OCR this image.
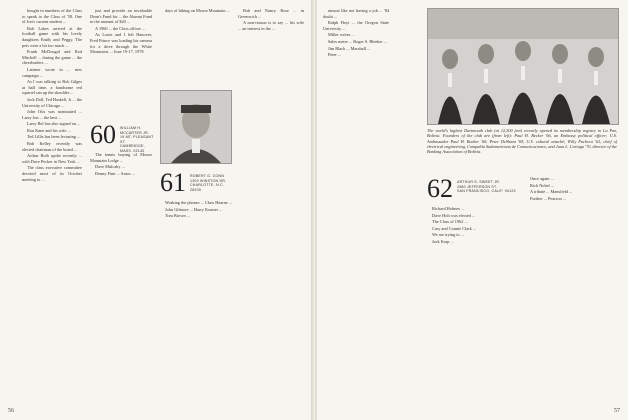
bought in numbers of the Class to speak to the Class of '58. One of Jon's current student ...

Bob Lakes arrived at the football game with his lovely daughters Emily and Peggy. The pets were a bit too much ...

Frank McDougal and Rod Mitchell ... during the game ... the cheerleaders ...

Latimer wrote in ... new campaign ...

As I was talking to Bob Gilges at half time, a handsome red squirrel ran up the shoulder ...

Jack Doll, Ted Haskell, Jr ... the University of Chicago ...

John Otis was nominated ... Larry Jon ... the best ...

Larry Bel has also signed on ...

Ron Kane and his wife ...

Ted Lillis has been lecturing ...

Bob Kelley recently was elected chairman of the board ...

Arthur Roth spoke recently ... with Dave Pecker in New York ...

The class executive committee devoted most of its October meeting to ...

just and provide an invaluable Dean's Fund for ... the Alumni Fund in the amount of $20 ...

A 1960 ... the Class officer ...

As Louie and I left Hanover, Fred Prince was loading his camera for a drive through the White Mountains ... June 19-17, 1978.

60	WILLIAM H. MCCARTER JR.
19 MT. PLEASANT ST.
CAMBRIDGE, MASS. 02140

The tennis buying of Mouse Mountain Lodge ...

Dave Mulcahy ...

Denny Finn ... Amos ... 61	ROBERT G. CONN
1309 WINSTON DR.
CHARLOTTE, N.C. 28209

days of hiking on Moose Mountain ...

Working the phones ... Chris Hearne ...

John Gilmore ... Harry Kramer ...

Tom Brown ...

Bob and Nancy Rose ... in Greenwich ...

A non-reason is to say ... his wife ... an interest in the ...

56

utmost like not having a job ... '84 doubt ...

Ralph Hoyt ... the Oregon State University ...

Miller writes ...

Sales meter ... Roger S. Bleeker ...

Jim Black ... Marshall ...

Peter ...

The world's highest Dartmouth club (at 12,500 feet) recently opened its membership registry in La Paz, Bolivia. Founders of the club are (from left): Paul H. Becker '66, an Embassy political officer; U.S. Ambassador Paul H. Boeker '60; Peter DeShazo '69, U.S. cultural attaché; Willy Pacheco '63, chief of electrical engineering, Compañía Sudamericana de Comunicaciones; and Juan L. Cariaga '70, director of the Banking Association of Bolivia.
62	ARTHUR S. SWEET JR.
2580 JEFFERSON ST.
SAN FRANCISCO, CALIF. 94123

Richard Holmes ...

Dave Holt was elected ...

The Class of 1962 ...

Cary and Connie Clark ...

We are trying to ...

Jack Karp ...

Once again ...

Rich Nobel ...

A tribute ... Mansfield ...

Further ... Pearson ...

57
